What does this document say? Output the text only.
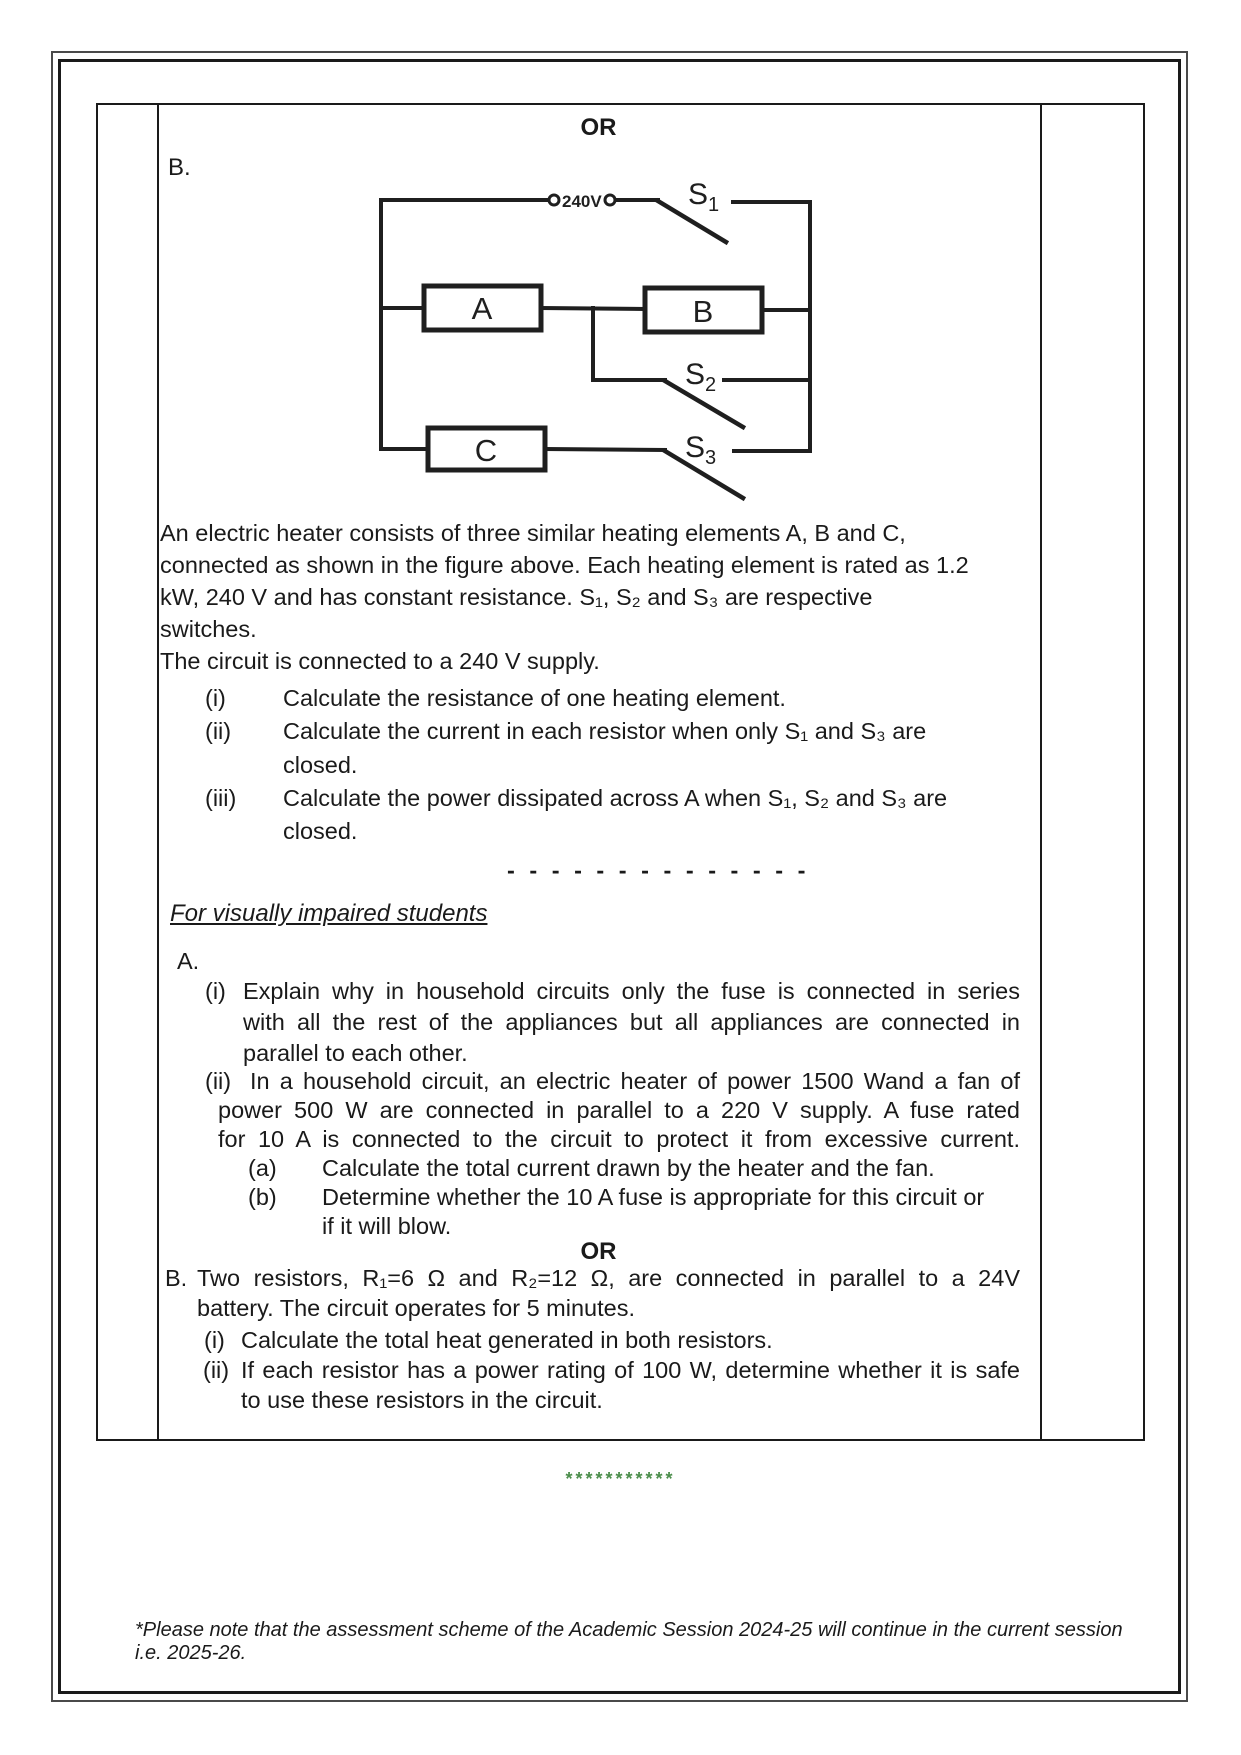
OR
B.
240V	$S_1$
$S_2$
$S_3$
A	B
C
An electric heater consists of three similar heating elements A, B and C,
connected as shown in the figure above. Each heating element is rated as 1.2
kW, 240 V and has constant resistance. S₁, S₂ and S₃ are respective
switches.
The circuit is connected to a 240 V supply.
(i) Calculate the resistance of one heating element.
(ii) Calculate the current in each resistor when only S₁ and S₃ are
closed.
(iii) Calculate the power dissipated across A when S₁, S₂ and S₃ are
closed.
- - - - - - - - - - - - - -
For visually impaired students
A.
(i) Explain why in household circuits only the fuse is connected in series
with all the rest of the appliances but all appliances are connected in
parallel to each other.
(ii) In a household circuit, an electric heater of power 1500 Wand a fan of
power 500 W are connected in parallel to a 220 V supply. A fuse rated
for 10 A is connected to the circuit to protect it from excessive current.
(a) Calculate the total current drawn by the heater and the fan.
(b) Determine whether the 10 A fuse is appropriate for this circuit or
if it will blow.
OR
B. Two resistors, R₁=6 Ω and R₂=12 Ω, are connected in parallel to a 24V
battery. The circuit operates for 5 minutes.
(i) Calculate the total heat generated in both resistors.
(ii) If each resistor has a power rating of 100 W, determine whether it is safe
to use these resistors in the circuit.
***********
*Please note that the assessment scheme of the Academic Session 2024-25 will continue in the current session
i.e. 2025-26.
